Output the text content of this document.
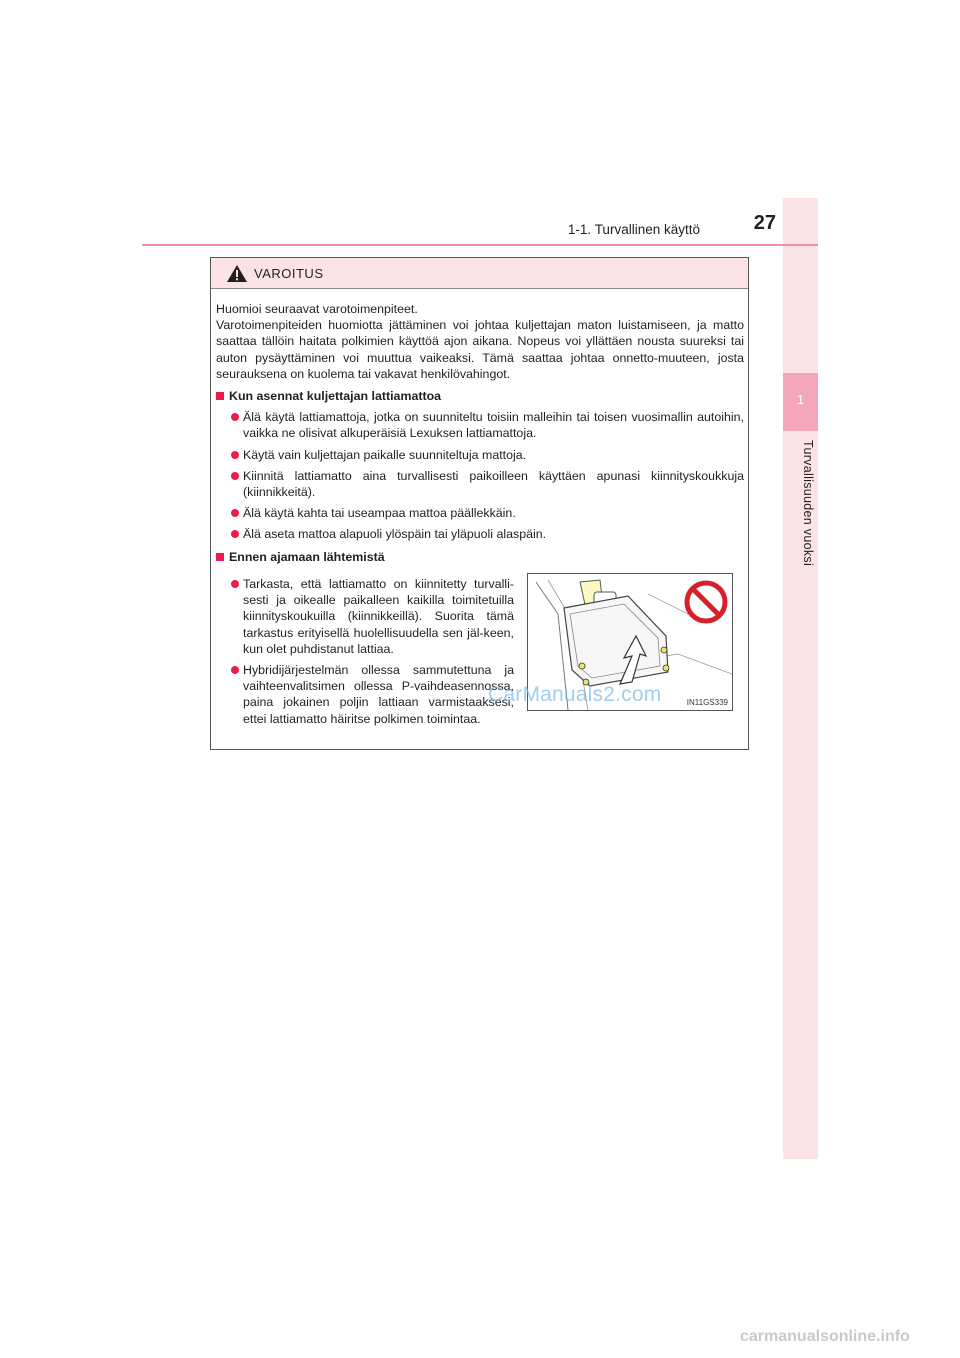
1
Turvallisuuden vuoksi
1-1. Turvallinen käyttö	27
VAROITUS

Huomioi seuraavat varotoimenpiteet.

Varotoimenpiteiden huomiotta jättäminen voi johtaa kuljettajan maton luistamiseen, ja matto saattaa tällöin haitata polkimien käyttöä ajon aikana. Nopeus voi yllättäen nousta suureksi tai auton pysäyttäminen voi muuttua vaikeaksi. Tämä saattaa johtaa onnetto-muuteen, josta seurauksena on kuolema tai vakavat henkilövahingot.

Kun asennat kuljettajan lattiamattoa

Älä käytä lattiamattoja, jotka on suunniteltu toisiin malleihin tai toisen vuosimallin autoihin, vaikka ne olisivat alkuperäisiä Lexuksen lattiamattoja.

Käytä vain kuljettajan paikalle suunniteltuja mattoja.

Kiinnitä lattiamatto aina turvallisesti paikoilleen käyttäen apunasi kiinnityskoukkuja (kiinnikkeitä).

Älä käytä kahta tai useampaa mattoa päällekkäin.

Älä aseta mattoa alapuoli ylöspäin tai yläpuoli alaspäin.

Ennen ajamaan lähtemistä

Tarkasta, että lattiamatto on kiinnitetty turvalli-sesti ja oikealle paikalleen kaikilla toimitetuilla kiinnityskoukuilla (kiinnikkeillä). Suorita tämä tarkastus erityisellä huolellisuudella sen jäl-keen, kun olet puhdistanut lattiaa.

Hybridijärjestelmän ollessa sammutettuna ja vaihteenvalitsimen ollessa P-vaihdeasennossa, paina jokainen poljin lattiaan varmistaaksesi, ettei lattiamatto häiritse polkimen toimintaa.

IN11GS339
CarManuals2.com
carmanualsonline.info
